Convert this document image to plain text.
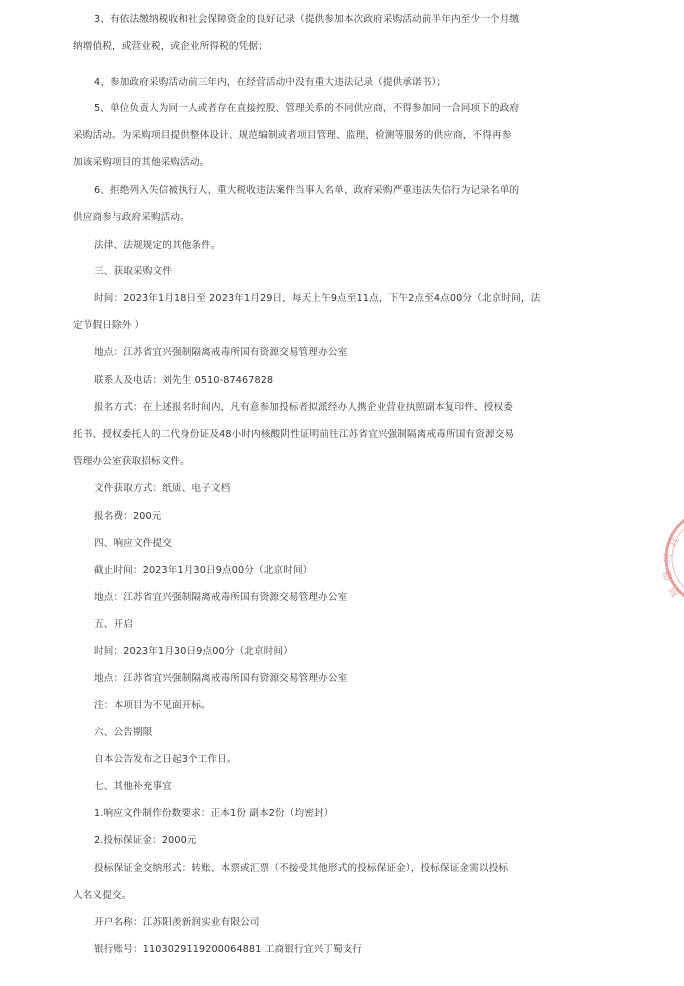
3、有依法缴纳税收和社会保障资金的良好记录（提供参加本次政府采购活动前半年内至少一个月缴

纳增值税，或营业税，或企业所得税的凭据；

4、参加政府采购活动前三年内，在经营活动中没有重大违法记录（提供承诺书）；

5、单位负责人为同一人或者存在直接控股、管理关系的不同供应商，不得参加同一合同项下的政府

采购活动。为采购项目提供整体设计、规范编制或者项目管理、监理、检测等服务的供应商，不得再参

加该采购项目的其他采购活动。

6、拒绝列入失信被执行人、重大税收违法案件当事人名单、政府采购严重违法失信行为记录名单的

供应商参与政府采购活动。

法律、法规规定的其他条件。

三、获取采购文件

时间：2023年1月18日至 2023年1月29日，每天上午9点至11点，下午2点至4点00分（北京时间，法

定节假日除外 ）

地点：江苏省宜兴强制隔离戒毒所国有资源交易管理办公室

联系人及电话：刘先生 0510-87467828

报名方式：在上述报名时间内，凡有意参加投标者拟派经办人携企业营业执照副本复印件、授权委

托书、授权委托人的二代身份证及48小时内核酸阴性证明前往江苏省宜兴强制隔离戒毒所国有资源交易

管理办公室获取招标文件。

文件获取方式：纸质、电子文档

报名费：200元

四、响应文件提交

截止时间：2023年1月30日9点00分（北京时间）

地点：江苏省宜兴强制隔离戒毒所国有资源交易管理办公室

五、开启

时间：2023年1月30日9点00分（北京时间）

地点：江苏省宜兴强制隔离戒毒所国有资源交易管理办公室

注：本项目为不见面开标。

六、公告期限

自本公告发布之日起3个工作日。

七、其他补充事宜

1.响应文件制作份数要求：正本1份 副本2份（均密封）

2.投标保证金：2000元

投标保证金交纳形式：转账、本票或汇票（不接受其他形式的投标保证金），投标保证金需以投标

人名义提交。

开户名称：江苏阳羡新润实业有限公司

银行账号：1103029119200064881 工商银行宜兴丁蜀支行

宜
兴
强
制
